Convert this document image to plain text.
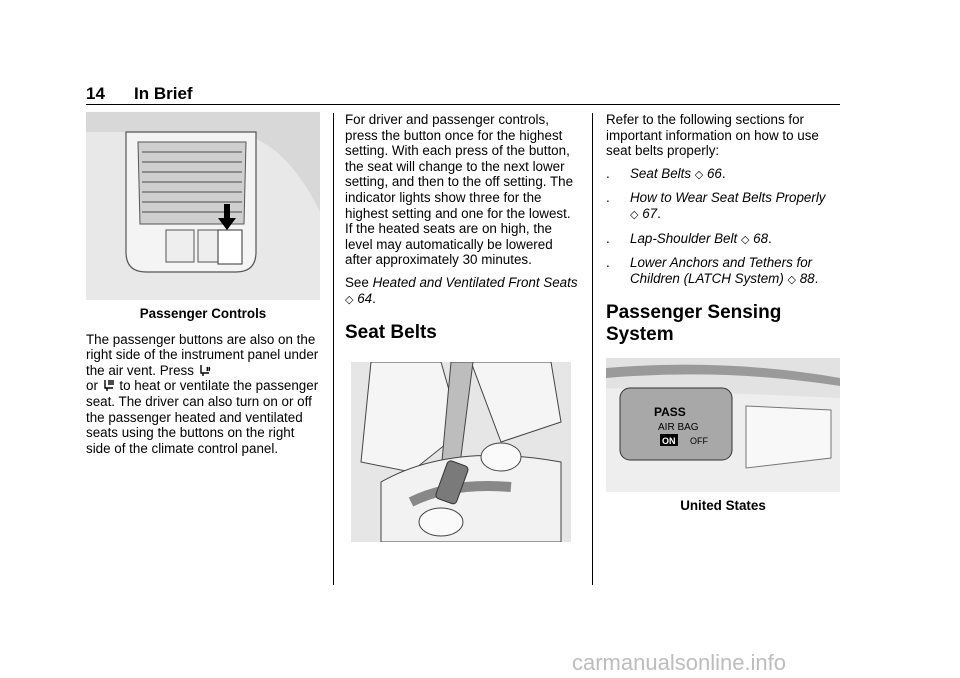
14 In Brief
Passenger Controls

The passenger buttons are also on the right side of the instrument panel under the air vent. Press
or to heat or ventilate the passenger seat. The driver can also turn on or off the passenger heated and ventilated seats using the buttons on the right side of the climate control panel.

For driver and passenger controls, press the button once for the highest setting. With each press of the button, the seat will change to the next lower setting, and then to the off setting. The indicator lights show three for the highest setting and one for the lowest. If the heated seats are on high, the level may automatically be lowered after approximately 30 minutes.

See Heated and Ventilated Front Seats ◇ 64.

Seat Belts

Refer to the following sections for important information on how to use seat belts properly:

. Seat Belts ◇ 66.
. How to Wear Seat Belts Properly
◇ 67.
. Lap-Shoulder Belt ◇ 68.
. Lower Anchors and Tethers for Children (LATCH System) ◇ 88.
Passenger Sensing
System
PASS
AIR BAG
ON OFF
United States
carmanualsonline.info
